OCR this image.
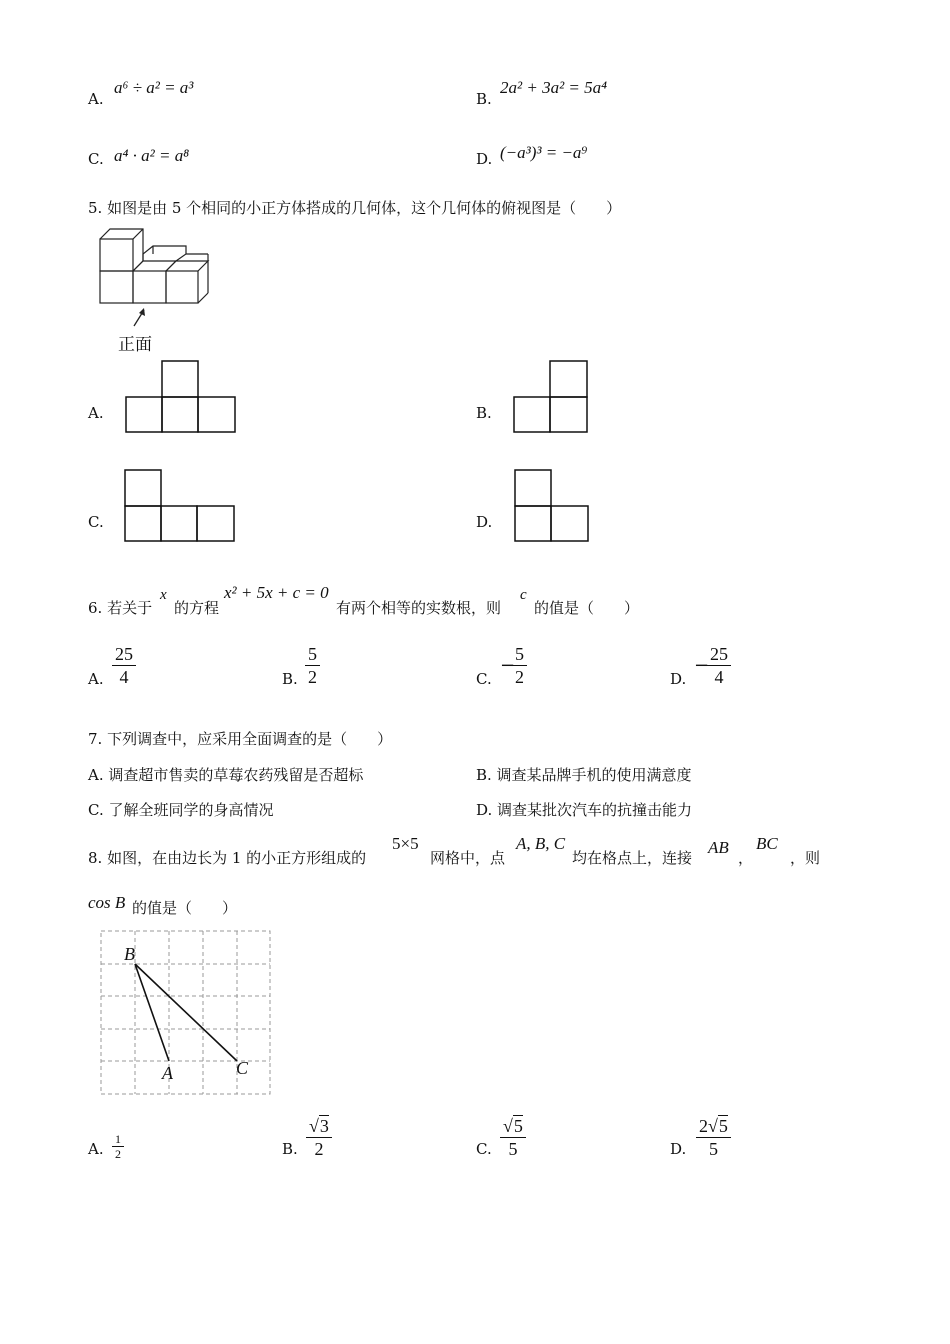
A.
a⁶ ÷ a² = a³
B.
2a² + 3a² = 5a⁴
C. a⁴ · a² = a⁸	D. (−a³)³ = −a⁹
5. 如图是由 5 个相同的小正方体搭成的几何体，这个几何体的俯视图是（　　）
正面
A.	B.
C.	D.
6. 若关于
x
的方程
x² + 5x + c = 0
有两个相等的实数根，则
c
的值是（　　）
A. $\frac{25}{4}$	B. $\frac{5}{2}$	C.
−
$\frac{5}{2}$	D.
−
$\frac{25}{4}$
7. 下列调查中，应采用全面调查的是（　　）
A. 调查超市售卖的草莓农药残留是否超标	B. 调查某品牌手机的使用满意度
C. 了解全班同学的身高情况	D. 调查某批次汽车的抗撞击能力
8. 如图，在由边长为 1 的小正方形组成的
5×5
网格中，点
A, B, C
均在格点上，连接
AB
，
BC
，则
cos B 的值是（　　）
B
A	C
A. $\frac{1}{2}$	B. $\frac{√3}{2}$	C. $\frac{√5}{5}$	D. $\frac{2√5}{5}$
